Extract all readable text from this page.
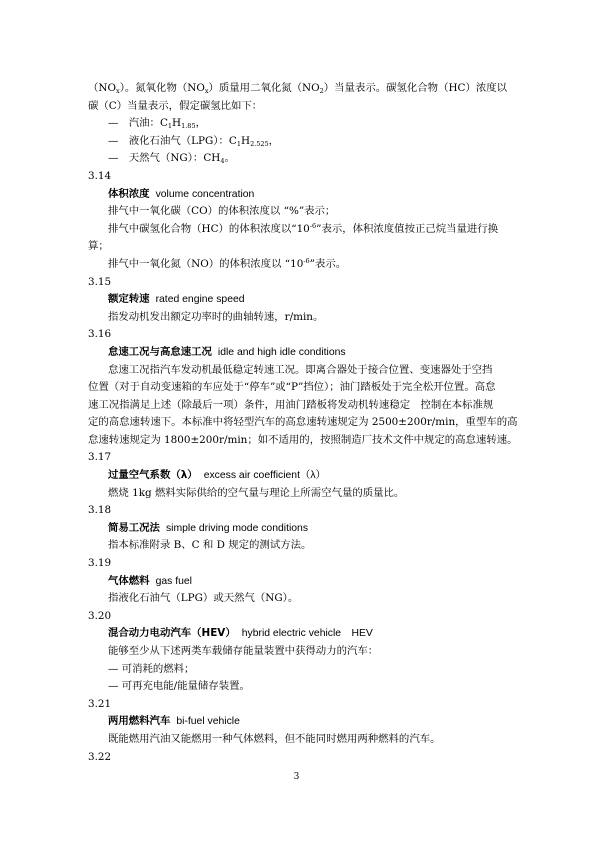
$(NO_x)$。氮氧化物$(NO_x)$质量用二氧化氮$(NO_2)$当量表示。碳氢化合物（HC）浓度以
碳（C）当量表示，假定碳氢比如下：
—　汽油：$C_1H_{1.85}$，
—　液化石油气（LPG）：$C_1H_{2.525}$，
—　天然气（NG）：$CH_4$。
3.14
体积浓度 volume concentration
排气中一氧化碳（CO）的体积浓度以 “%”表示；
排气中碳氢化合物（HC）的体积浓度以“$10^{-6}$”表示，体积浓度值按正己烷当量进行换
算；
排气中一氧化氮（NO）的体积浓度以 “$10^{-6}$”表示。
3.15
额定转速 rated engine speed
指发动机发出额定功率时的曲轴转速，r/min。
3.16
怠速工况与高怠速工况 idle and high idle conditions
怠速工况指汽车发动机最低稳定转速工况。即离合器处于接合位置、变速器处于空挡
位置（对于自动变速箱的车应处于“停车”或“P”挡位）；油门踏板处于完全松开位置。高怠
速工况指满足上述（除最后一项）条件，用油门踏板将发动机转速稳定　控制在本标准规
定的高怠速转速下。本标准中将轻型汽车的高怠速转速规定为 2500±200r/min，重型车的高
怠速转速规定为 1800±200r/min；如不适用的，按照制造厂技术文件中规定的高怠速转速。
3.17
过量空气系数（λ） excess air coefficient（λ）
燃烧 1kg 燃料实际供给的空气量与理论上所需空气量的质量比。
3.18
简易工况法 simple driving mode conditions
指本标准附录 B、C 和 D 规定的测试方法。
3.19
气体燃料 gas fuel
指液化石油气（LPG）或天然气（NG）。
3.20
混合动力电动汽车（HEV） hybrid electric vehicle　HEV
能够至少从下述两类车载储存能量装置中获得动力的汽车：
— 可消耗的燃料；
— 可再充电能/能量储存装置。
3.21
两用燃料汽车 bi-fuel vehicle
既能燃用汽油又能燃用一种气体燃料，但不能同时燃用两种燃料的汽车。
3.22
3
